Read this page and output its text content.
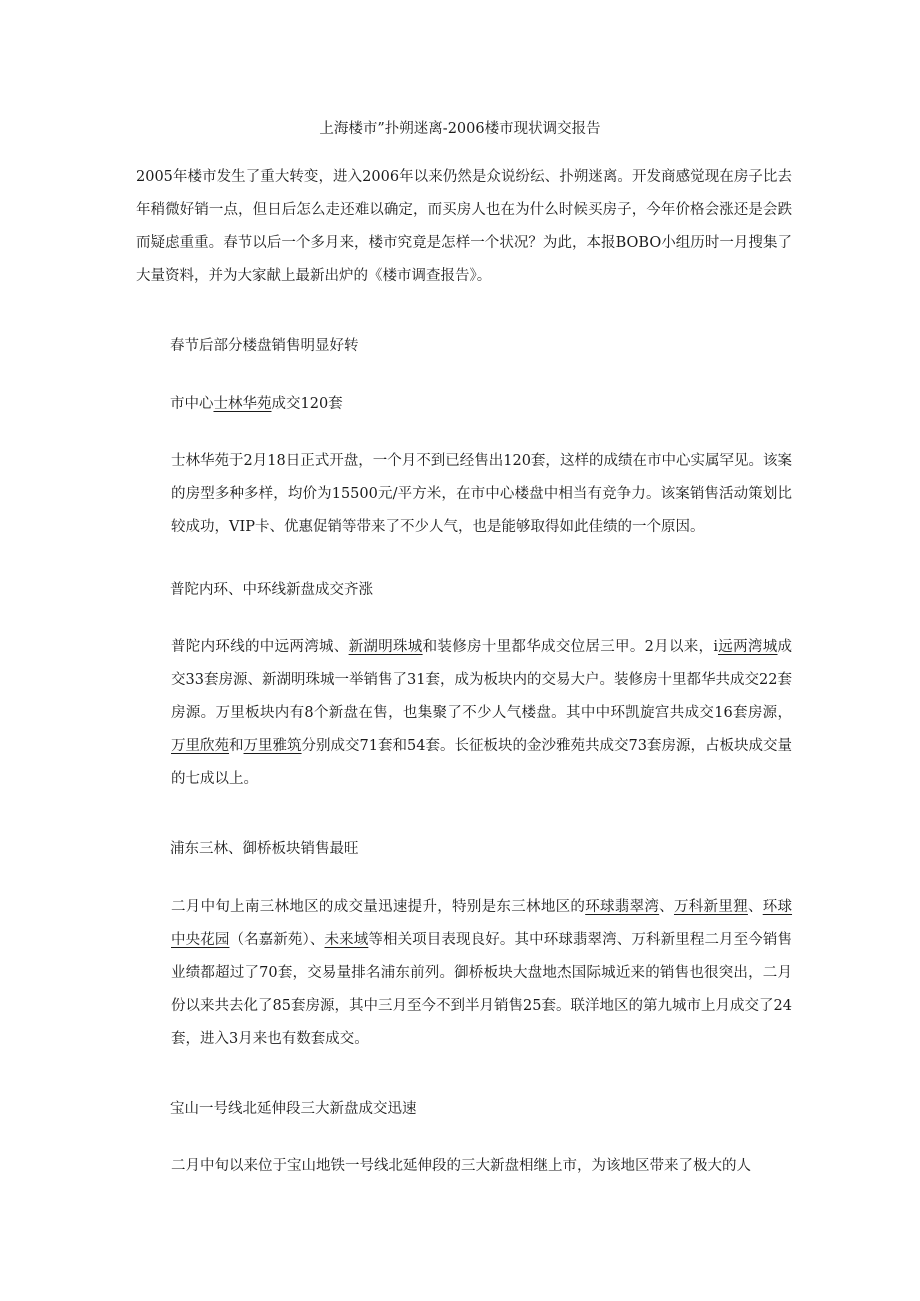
上海楼市”扑朔迷离-2006楼市现状调交报告

2005年楼市发生了重大转变，进入2006年以来仍然是众说纷纭、扑朔迷离。开发商感觉现在房子比去年稍微好销一点，但日后怎么走还难以确定，而买房人也在为什么时候买房子，今年价格会涨还是会跌而疑虑重重。春节以后一个多月来，楼市究竟是怎样一个状况？为此，本报BOBO小组历时一月搜集了大量资料，并为大家献上最新出炉的《楼市调查报告》。

春节后部分楼盘销售明显好转

市中心士林华苑成交120套

士林华苑于2月18日正式开盘，一个月不到已经售出120套，这样的成绩在市中心实属罕见。该案的房型多种多样，均价为15500元/平方米，在市中心楼盘中相当有竞争力。该案销售活动策划比较成功，VIP卡、优惠促销等带来了不少人气，也是能够取得如此佳绩的一个原因。

普陀内环、中环线新盘成交齐涨

普陀内环线的中远两湾城、新湖明珠城和装修房十里都华成交位居三甲。2月以来，i远两湾城成交33套房源、新湖明珠城一举销售了31套，成为板块内的交易大户。装修房十里都华共成交22套房源。万里板块内有8个新盘在售，也集聚了不少人气楼盘。其中中环凯旋宫共成交16套房源，万里欣苑和万里雅筑分别成交71套和54套。长征板块的金沙雅苑共成交73套房源，占板块成交量的七成以上。

浦东三林、御桥板块销售最旺

二月中旬上南三林地区的成交量迅速提升，特别是东三林地区的环球翡翠湾、万科新里狸、环球中央花园（名嘉新苑）、未来域等相关项目表现良好。其中环球翡翠湾、万科新里程二月至今销售业绩都超过了70套，交易量排名浦东前列。御桥板块大盘地杰国际城近来的销售也很突出，二月份以来共去化了85套房源，其中三月至今不到半月销售25套。联洋地区的第九城市上月成交了24套，进入3月来也有数套成交。

宝山一号线北延伸段三大新盘成交迅速

二月中旬以来位于宝山地铁一号线北延伸段的三大新盘相继上市，为该地区带来了极大的人
